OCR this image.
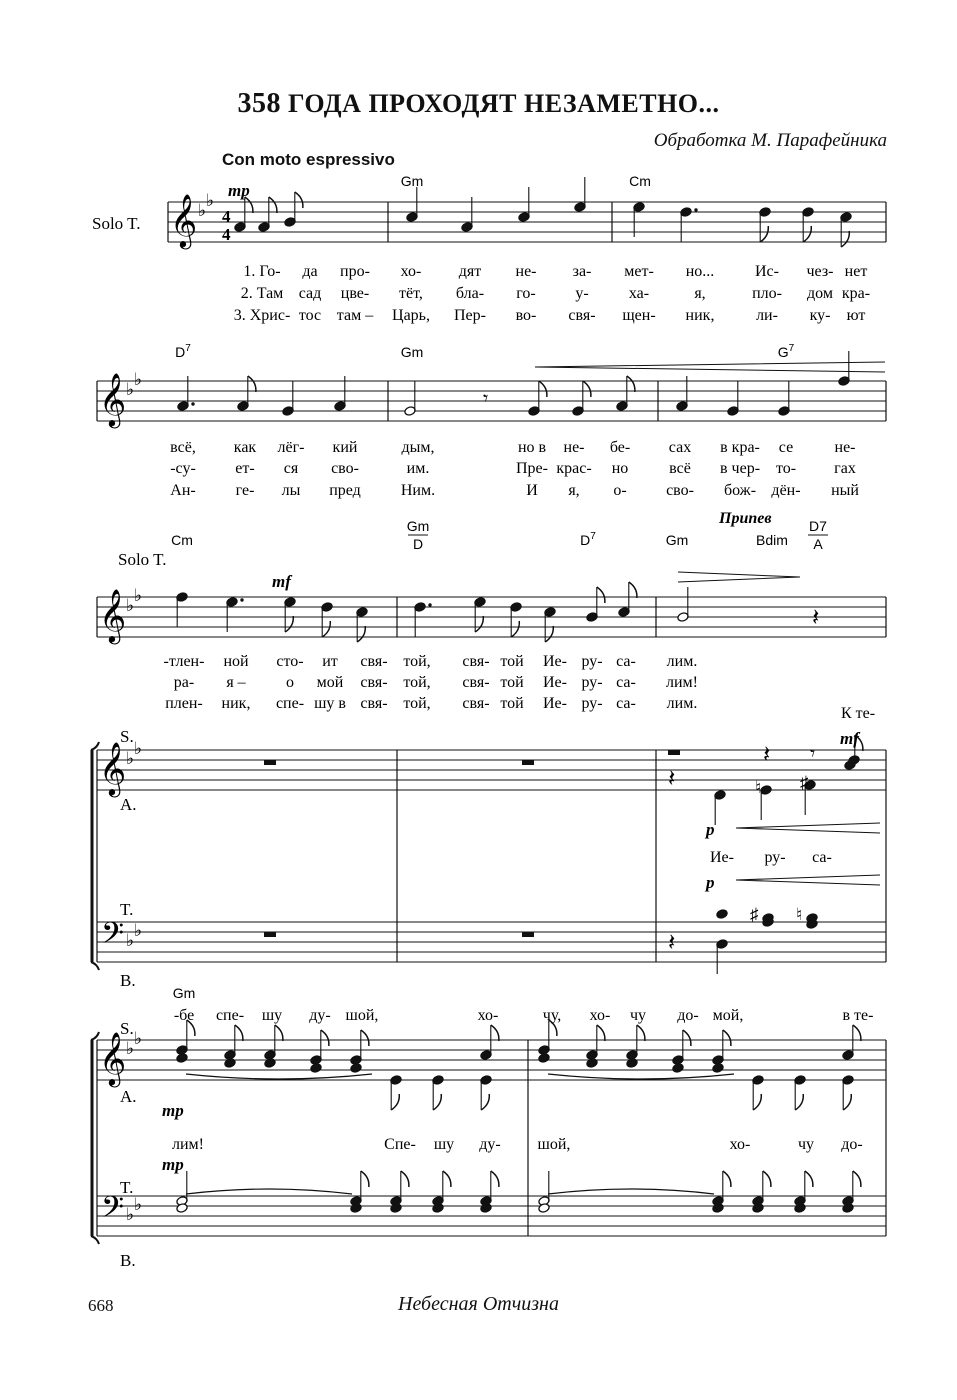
358 ГОДА ПРОХОДЯТ НЕЗАМЕТНО...
Обработка М. Парафейника
Con moto espressivo
Solo T. 𝄞 ♭
♭
4
4
mp	Gm	Cm
1. Го- да про- хо- дят не- за- мет- но...	Ис- чез- нет
2. Там сад цве- тёт, бла- го- у-	ха-	я,	пло- дом кра-
3. Хрис- тос там – Царь, Пер- во- свя- щен- ник,	ли- ку- ют
𝄞 ♭
♭
𝄾
$D^7$	Gm	$G^7$
всё, как лёг- кий	дым,	но в не- бе- сах в кра- се	не-
-су- ет- ся сво-	им.	Пре- крас- но	всё в чер- то- гах
Ан- ге- лы пред	Ним.	И я, о- сво- бож- дён- ный
Solo T.
𝄞 ♭
♭
mf
𝄽
Припев
Cm
Gm
D	$D^7$	Gm	Bdim
D7
A
-тлен- ной сто- ит свя- той, свя- той Ие- ру- са- лим.
ра- я –	о мой свя- той, свя- той Ие- ру- са- лим!
плен- ник, спе- шу в свя- той, свя- той Ие- ру- са- лим.
S.
A.
T.
B.
𝄞 ♭
♭
𝄢 ♭
♭
𝄽 𝄾
mf
К те-
𝄽	♮ ♯
p
Ие- ру- са-
p
♯ ♮
𝄽
S.
A.
T.
B.
𝄞 ♭
♭
𝄢 ♭
♭
Gm
mp
mp
-бе спе- шу ду- шой,	хо-	чу, хо- чу до- мой,	в те-
лим!	Спе- шу ду- шой,	хо-	чу до-
668	Небесная Отчизна
